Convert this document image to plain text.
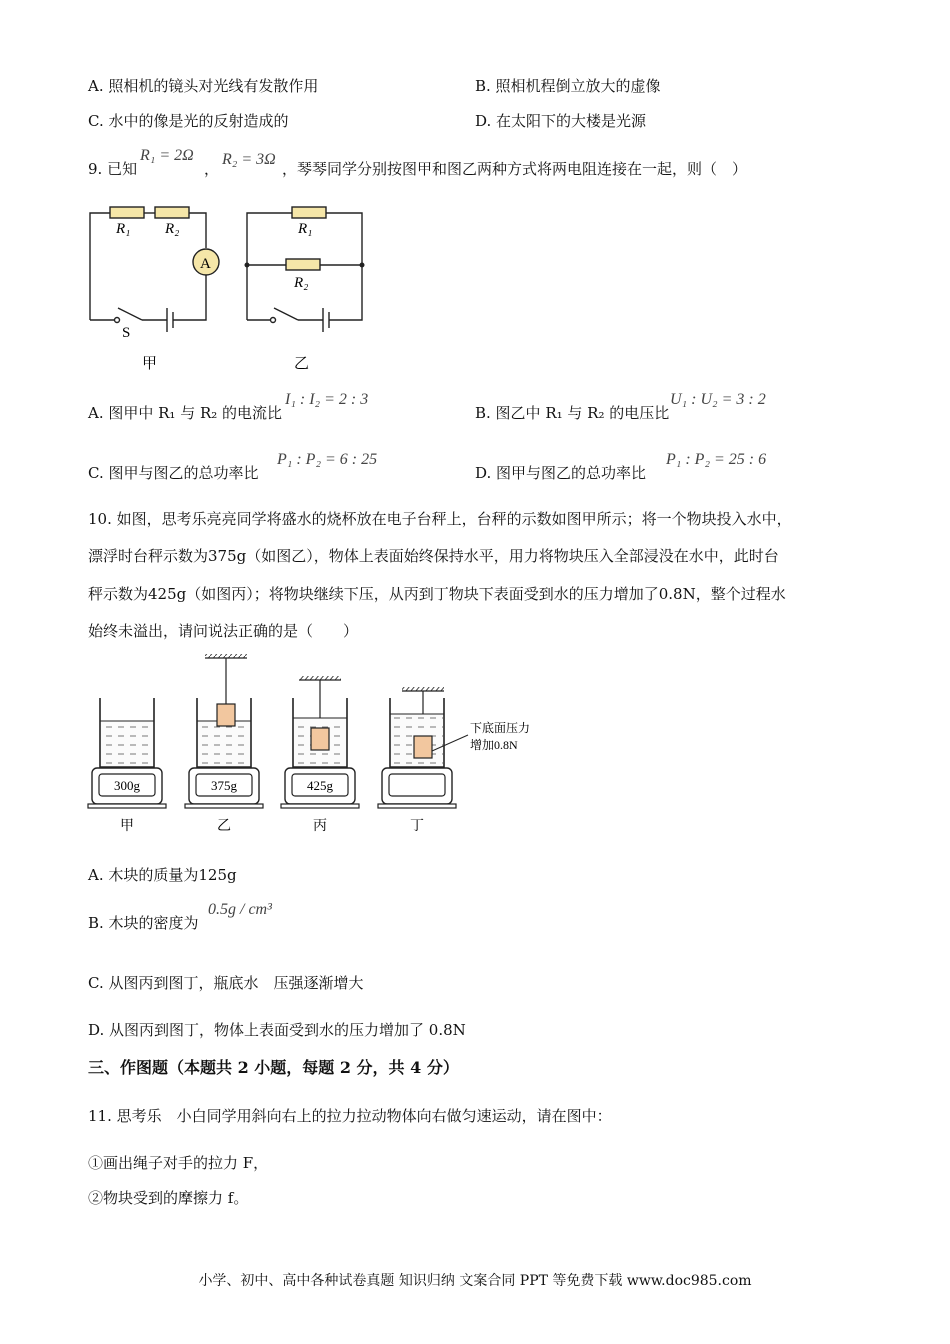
A. 照相机的镜头对光线有发散作用	B. 照相机程倒立放大的虚像
C. 水中的像是光的反射造成的	D. 在太阳下的大楼是光源
9. 已知
R₁ = 2Ω
，
R₂ = 3Ω
，琴琴同学分别按图甲和图乙两种方式将两电阻连接在一起，则（　）
R₁ R₂
A
S
R₁
R₂
甲	乙
A. 图甲中 R₁ 与 R₂ 的电流比
I₁ : I₂ = 2 : 3
B. 图乙中 R₁ 与 R₂ 的电压比
U₁ : U₂ = 3 : 2
C. 图甲与图乙的总功率比
P₁ : P₂ = 6 : 25
D. 图甲与图乙的总功率比
P₁ : P₂ = 25 : 6
10. 如图，思考乐亮亮同学将盛水的烧杯放在电子台秤上，台秤的示数如图甲所示；将一个物块投入水中，
漂浮时台秤示数为375g（如图乙），物体上表面始终保持水平，用力将物块压入全部浸没在水中，此时台
秤示数为425g（如图丙）；将物块继续下压，从丙到丁物块下表面受到水的压力增加了0.8N，整个过程水
始终未溢出，请问说法正确的是（　　）
300g
甲
375g
乙
425g
丙	丁
下底面压力
增加0.8N
A. 木块的质量为125g
B. 木块的密度为
0.5g / cm³
C. 从图丙到图丁，瓶底水　压强逐渐增大
D. 从图丙到图丁，物体上表面受到水的压力增加了 0.8N
三、作图题（本题共 2 小题，每题 2 分，共 4 分）
11. 思考乐　小白同学用斜向右上的拉力拉动物体向右做匀速运动，请在图中：
①画出绳子对手的拉力 F，
②物块受到的摩擦力 f。
小学、初中、高中各种试卷真题 知识归纳 文案合同 PPT 等免费下载 www.doc985.com
